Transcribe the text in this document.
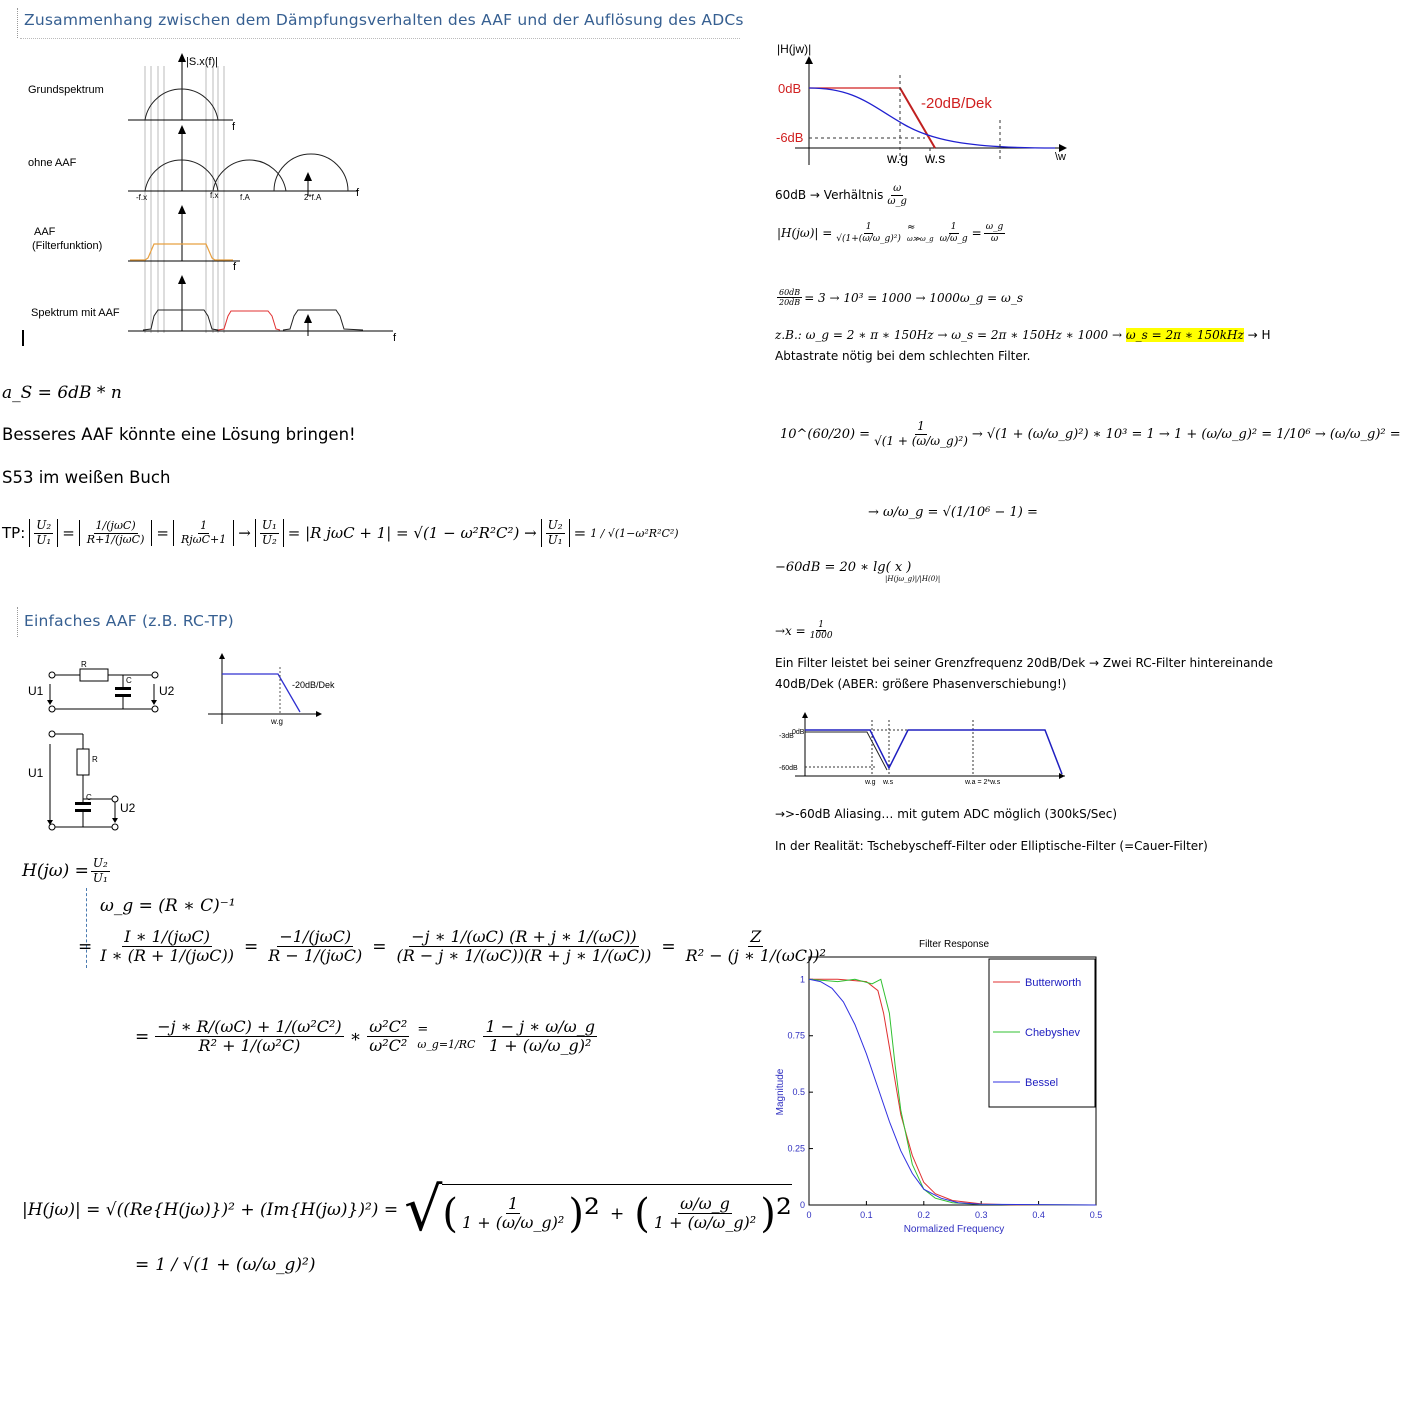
Zusammenhang zwischen dem Dämpfungsverhalten des AAF und der Auflösung des ADCs
|S.x(f)|
f
Grundspektrum
f
ohne AAF
-f.x	f.x	f.A	2*f.A
f
AAF
(Filterfunktion)
f
Spektrum mit AAF
a_S = 6dB * n
Besseres AAF könnte eine Lösung bringen!
S53 im weißen Buch
TP: $\frac{\text{U₂}}{\text{U₁}} = \frac{\text{1/(jωC)}}{\text{R+1/(jωC)}} = \frac{1}{\text{RjωC+1}} \to \frac{\text{U₁}}{\text{U₂}} = |R$ $j\omega C + 1| = √(1 - \omega^2R^2C^2) \to \frac{\text{U₂}}{\text{U₁}} = 1 / √(1-\omega^2R^2C^2)$
Einfaches AAF (z.B. RC-TP)
R
C
U1	U2
R
C
U1
U2
-20dB/Dek
w.g
$H(j\omega) = \frac{\text{U₂}}{\text{U₁}}$
ω_g = (R ∗ C)⁻¹
= $\frac{\text{I ∗ 1/(jωC)}}{\text{I ∗ (R + 1/(jωC))}} = \frac{\text{−1/(jωC)}}{\text{R − 1/(jωC)}} = \frac{-j ∗ 1/(\omega C) (R + j ∗ 1/(\omega C))}{(R - j ∗ 1/(\omega C))(R + j ∗ 1/(\omega C))} = \frac{Z}{\text{R² − (j ∗ 1/(ωC))²}}$
= $\frac{\text{−j ∗ R/(ωC) + 1/(ω²C²)}}{\text{R² + 1/(ω²C)}}$ ∗ $\frac{\text{ω²C²}}{\text{ω²C²}}$ =
ω_g=1/RC $\frac{1 - j ∗ \omega/\omega\_g}{\text{1 + (ω/ω\_g)²}}$
|H(jω)| = √((Re{H(jω)})² + (Im{H(jω)})²) = √ ( $\frac{1}{\text{1 + (ω/ω\_g)²}} )^2$ + ( $\frac{\omega/\omega\_g}{\text{1 + (ω/ω\_g)²}} )^2$
= 1 / √(1 + (ω/ω_g)²)
|H(jw)|
0dB
-6dB
-20dB/Dek
w.g w.s	\w
60dB → Verhältnis $\frac{\omega}{\omega\_g}$
$|H(j\omega)| = \frac{1}{\text{√(1+(ω/ω\_g)²)}}$ ≈
ω≫ω_g $\frac{1}{\omega/\omega\_g} = \frac{\omega\_g}{\omega}$
$\frac{60dB}{20dB} = 3 \to 10^3 = 1000$ → 1000ω_g = ω_s
z.B.: ω_g = 2 ∗ π ∗ 150Hz → ω_s = 2π ∗ 150Hz ∗ 1000 → ω_s = 2π ∗ 150kHz → H
Abtastrate nötig bei dem schlechten Filter.
10^(60/20) = $\frac{1}{\text{√(1 + (ω/ω\_g)²)}} \to √(1$ + (ω/ω_g)²) ∗ 10³ = 1 → 1 + (ω/ω_g)² = 1/10⁶ → (ω/ω_g)² =
→ ω/ω_g = √(1/10⁶ − 1) =
−60dB = 20 ∗ lg( x )
|H(jω_g)|/|H(0)|
$\to x = \frac{1}{1000}$
Ein Filter leistet bei seiner Grenzfrequenz 20dB/Dek → Zwei RC-Filter hintereinande
40dB/Dek (ABER: größere Phasenverschiebung!)
0dB
-3dB
-60dB
w.g w.s	w.a = 2*w.s
→>-60dB Aliasing… mit gutem ADC möglich (300kS/Sec)
In der Realität: Tschebyscheff-Filter oder Elliptische-Filter (=Cauer-Filter)
Filter Response
Magnitude
Normalized Frequency
0	0.1	0.2	0.3	0.4	0.5
0
0.25
0.5
0.75
1	Butterworth
Chebyshev
Bessel
